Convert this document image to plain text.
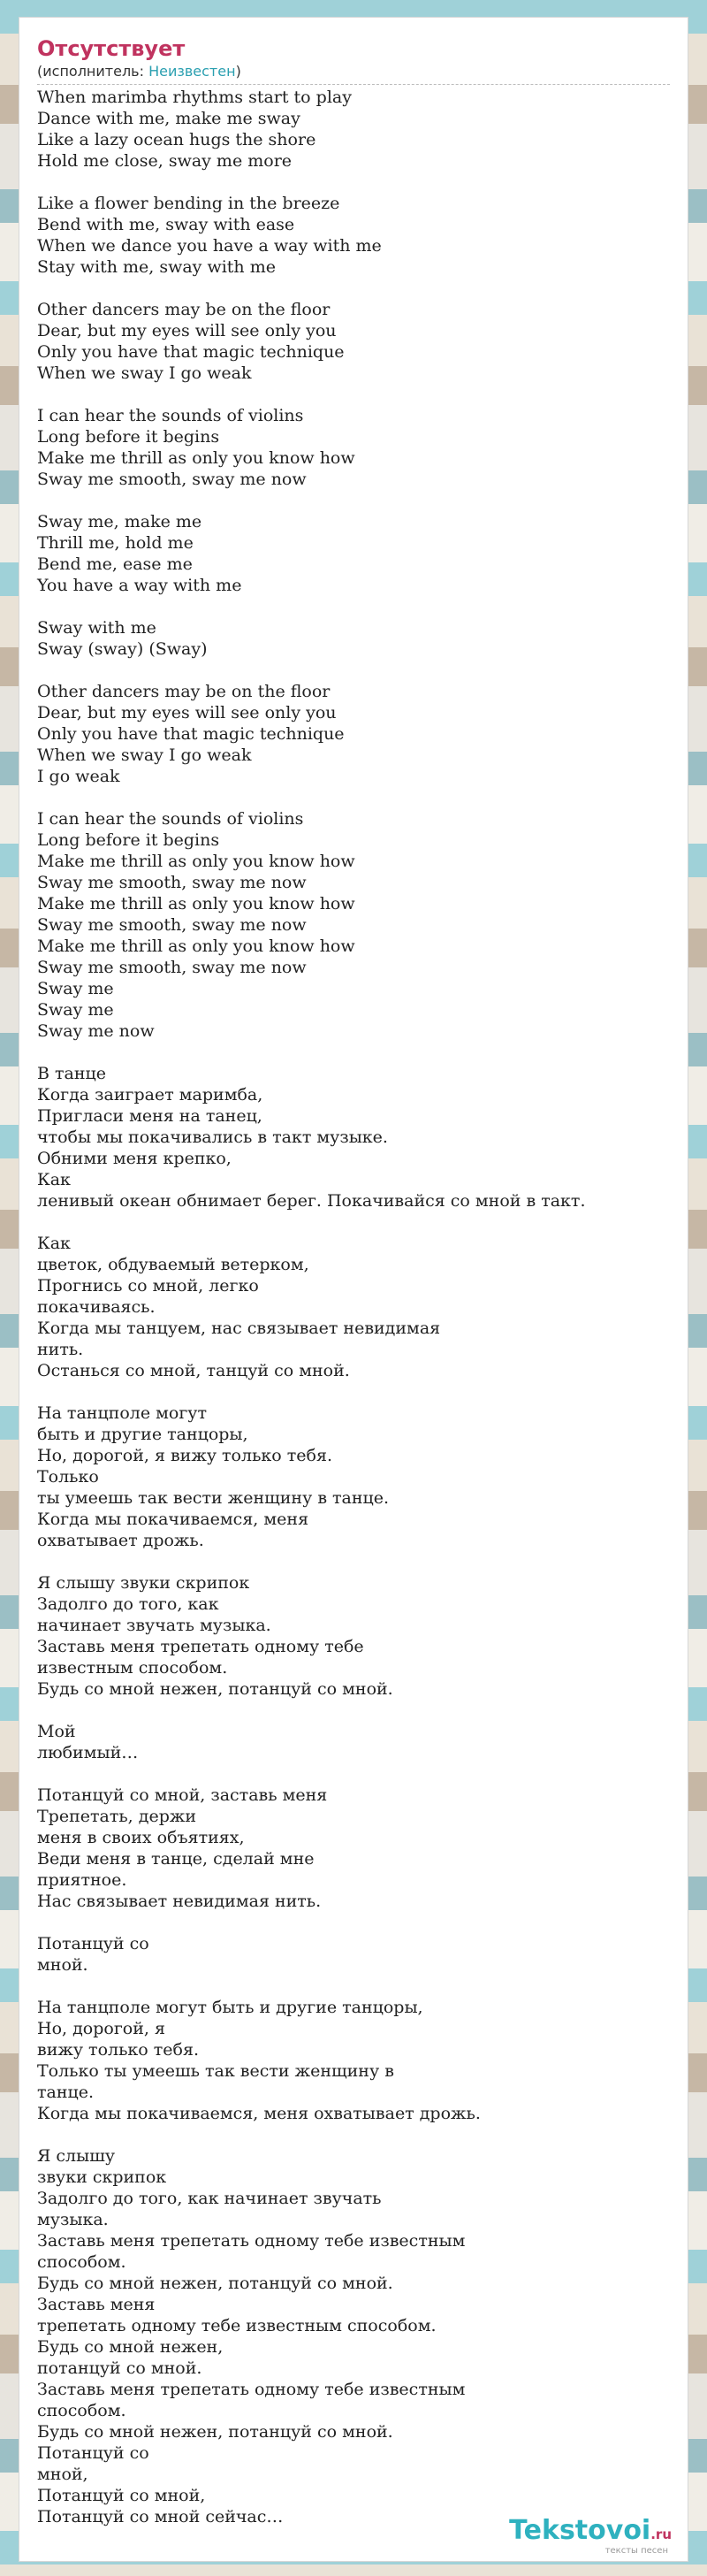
Отсутствует
(исполнитель: Неизвестен)
When marimba rhythms start to play
Dance with me, make me sway
Like a lazy ocean hugs the shore
Hold me close, sway me more
Like a flower bending in the breeze
Bend with me, sway with ease
When we dance you have a way with me
Stay with me, sway with me
Other dancers may be on the floor
Dear, but my eyes will see only you
Only you have that magic technique
When we sway I go weak
I can hear the sounds of violins
Long before it begins
Make me thrill as only you know how
Sway me smooth, sway me now
Sway me, make me
Thrill me, hold me
Bend me, ease me
You have a way with me
Sway with me
Sway (sway) (Sway)
Other dancers may be on the floor
Dear, but my eyes will see only you
Only you have that magic technique
When we sway I go weak
I go weak
I can hear the sounds of violins
Long before it begins
Make me thrill as only you know how
Sway me smooth, sway me now
Make me thrill as only you know how
Sway me smooth, sway me now
Make me thrill as only you know how
Sway me smooth, sway me now
Sway me
Sway me
Sway me now
В танце
Когда заиграет маримба,
Пригласи меня на танец,
чтобы мы покачивались в такт музыке.
Обними меня крепко,
Как
ленивый океан обнимает берег. Покачивайся со мной в такт.
Как
цветок, обдуваемый ветерком,
Прогнись со мной, легко
покачиваясь.
Когда мы танцуем, нас связывает невидимая
нить.
Останься со мной, танцуй со мной.
На танцполе могут
быть и другие танцоры,
Но, дорогой, я вижу только тебя.
Только
ты умеешь так вести женщину в танце.
Когда мы покачиваемся, меня
охватывает дрожь.
Я слышу звуки скрипок
Задолго до того, как
начинает звучать музыка.
Заставь меня трепетать одному тебе
известным способом.
Будь со мной нежен, потанцуй со мной.
Мой
любимый…
Потанцуй со мной, заставь меня
Трепетать, держи
меня в своих объятиях,
Веди меня в танце, сделай мне
приятное.
Нас связывает невидимая нить.
Потанцуй со
мной.
На танцполе могут быть и другие танцоры,
Но, дорогой, я
вижу только тебя.
Только ты умеешь так вести женщину в
танце.
Когда мы покачиваемся, меня охватывает дрожь.
Я слышу
звуки скрипок
Задолго до того, как начинает звучать
музыка.
Заставь меня трепетать одному тебе известным
способом.
Будь со мной нежен, потанцуй со мной.
Заставь меня
трепетать одному тебе известным способом.
Будь со мной нежен,
потанцуй со мной.
Заставь меня трепетать одному тебе известным
способом.
Будь со мной нежен, потанцуй со мной.
Потанцуй со
мной,
Потанцуй со мной,
Потанцуй со мной сейчас…	Tekstovoi.ru
тексты песен
